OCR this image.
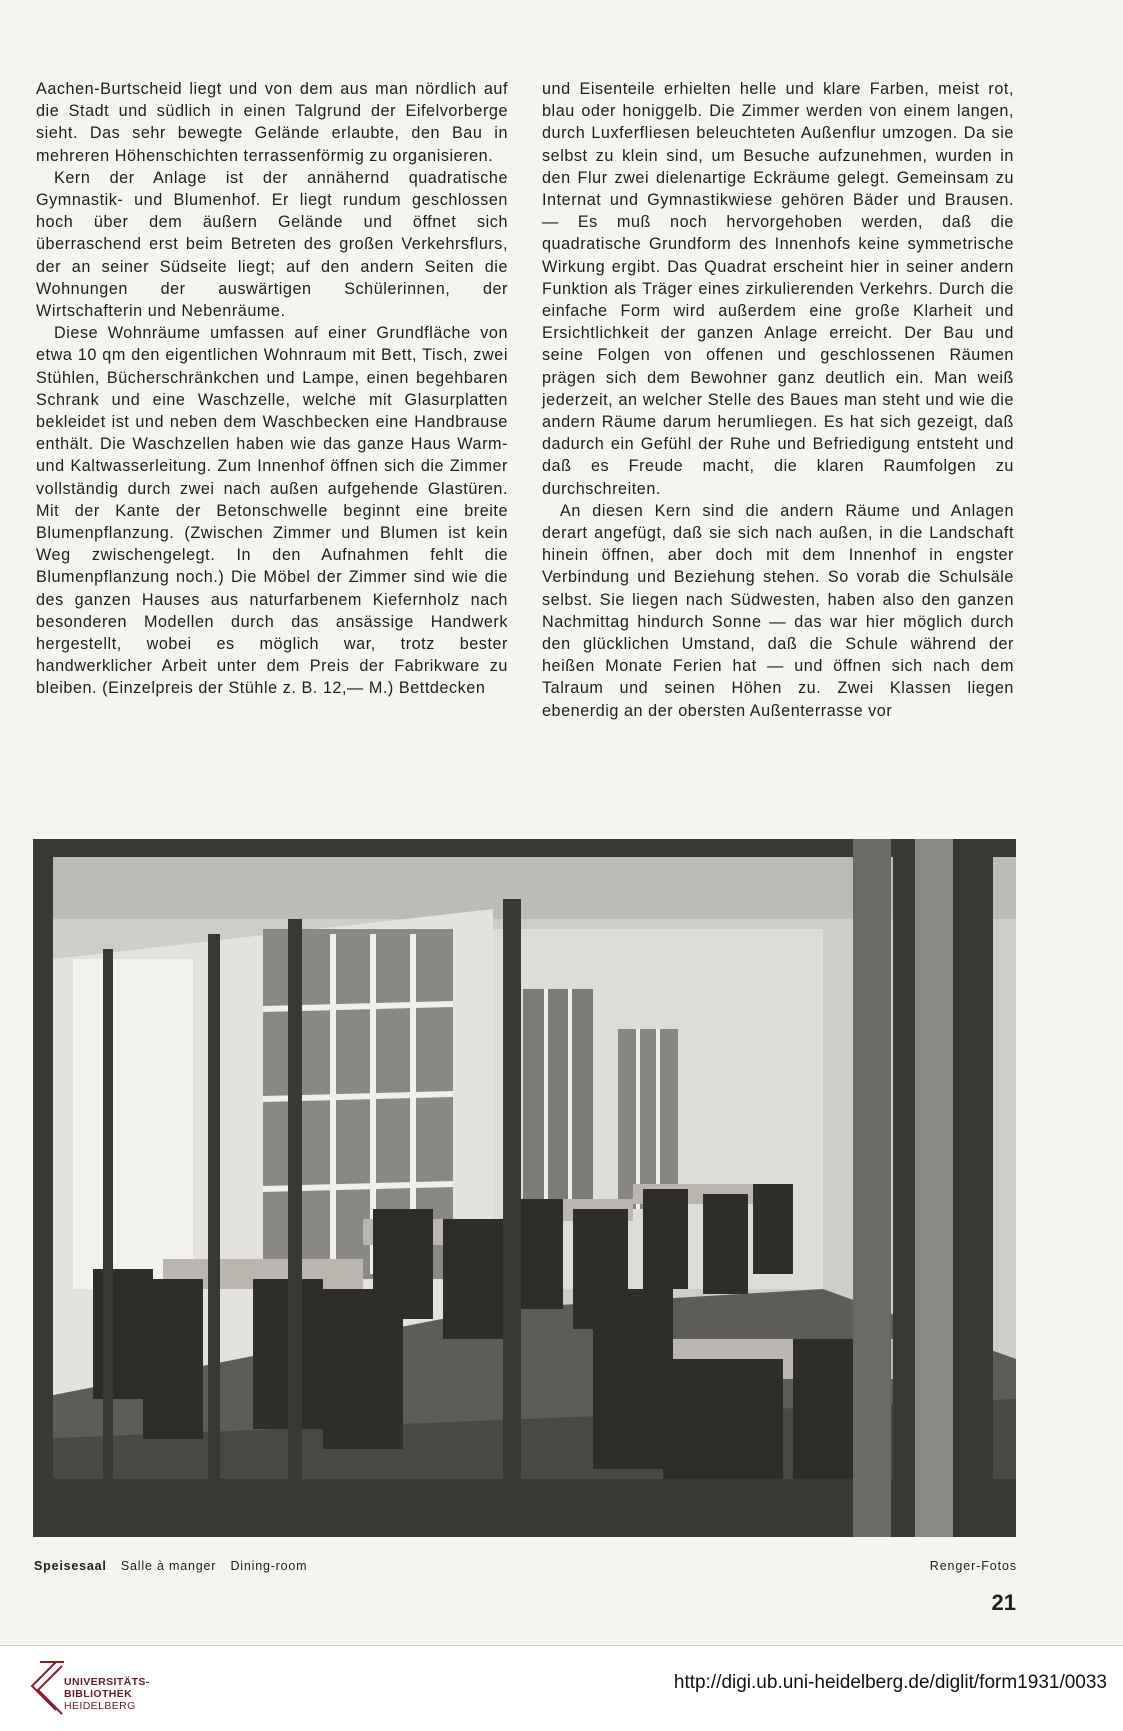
Aachen-Burtscheid liegt und von dem aus man nördlich auf die Stadt und südlich in einen Talgrund der Eifelvorberge sieht. Das sehr bewegte Gelände erlaubte, den Bau in mehreren Höhenschichten terrassenförmig zu organisieren.

Kern der Anlage ist der annähernd quadratische Gymnastik- und Blumenhof. Er liegt rundum geschlossen hoch über dem äußern Gelände und öffnet sich überraschend erst beim Betreten des großen Verkehrsflurs, der an seiner Südseite liegt; auf den andern Seiten die Wohnungen der auswärtigen Schülerinnen, der Wirtschafterin und Nebenräume.

Diese Wohnräume umfassen auf einer Grundfläche von etwa 10 qm den eigentlichen Wohnraum mit Bett, Tisch, zwei Stühlen, Bücherschränkchen und Lampe, einen begehbaren Schrank und eine Waschzelle, welche mit Glasurplatten bekleidet ist und neben dem Waschbecken eine Handbrause enthält. Die Waschzellen haben wie das ganze Haus Warm- und Kaltwasserleitung. Zum Innenhof öffnen sich die Zimmer vollständig durch zwei nach außen aufgehende Glastüren. Mit der Kante der Betonschwelle beginnt eine breite Blumenpflanzung. (Zwischen Zimmer und Blumen ist kein Weg zwischengelegt. In den Aufnahmen fehlt die Blumenpflanzung noch.) Die Möbel der Zimmer sind wie die des ganzen Hauses aus naturfarbenem Kiefernholz nach besonderen Modellen durch das ansässige Handwerk hergestellt, wobei es möglich war, trotz bester handwerklicher Arbeit unter dem Preis der Fabrikware zu bleiben. (Einzelpreis der Stühle z. B. 12,— M.) Bettdecken

und Eisenteile erhielten helle und klare Farben, meist rot, blau oder honiggelb. Die Zimmer werden von einem langen, durch Luxferfliesen beleuchteten Außenflur umzogen. Da sie selbst zu klein sind, um Besuche aufzunehmen, wurden in den Flur zwei dielenartige Eckräume gelegt. Gemeinsam zu Internat und Gymnastikwiese gehören Bäder und Brausen. — Es muß noch hervorgehoben werden, daß die quadratische Grundform des Innenhofs keine symmetrische Wirkung ergibt. Das Quadrat erscheint hier in seiner andern Funktion als Träger eines zirkulierenden Verkehrs. Durch die einfache Form wird außerdem eine große Klarheit und Ersichtlichkeit der ganzen Anlage erreicht. Der Bau und seine Folgen von offenen und geschlossenen Räumen prägen sich dem Bewohner ganz deutlich ein. Man weiß jederzeit, an welcher Stelle des Baues man steht und wie die andern Räume darum herumliegen. Es hat sich gezeigt, daß dadurch ein Gefühl der Ruhe und Befriedigung entsteht und daß es Freude macht, die klaren Raumfolgen zu durchschreiten.

An diesen Kern sind die andern Räume und Anlagen derart angefügt, daß sie sich nach außen, in die Landschaft hinein öffnen, aber doch mit dem Innenhof in engster Verbindung und Beziehung stehen. So vorab die Schulsäle selbst. Sie liegen nach Südwesten, haben also den ganzen Nachmittag hindurch Sonne — das war hier möglich durch den glücklichen Umstand, daß die Schule während der heißen Monate Ferien hat — und öffnen sich nach dem Talraum und seinen Höhen zu. Zwei Klassen liegen ebenerdig an der obersten Außenterrasse vor

Speisesaal Salle à manger Dining-room	Renger-Fotos
21
UNIVERSITÄTS-
BIBLIOTHEK
HEIDELBERG
http://digi.ub.uni-heidelberg.de/diglit/form1931/0033
